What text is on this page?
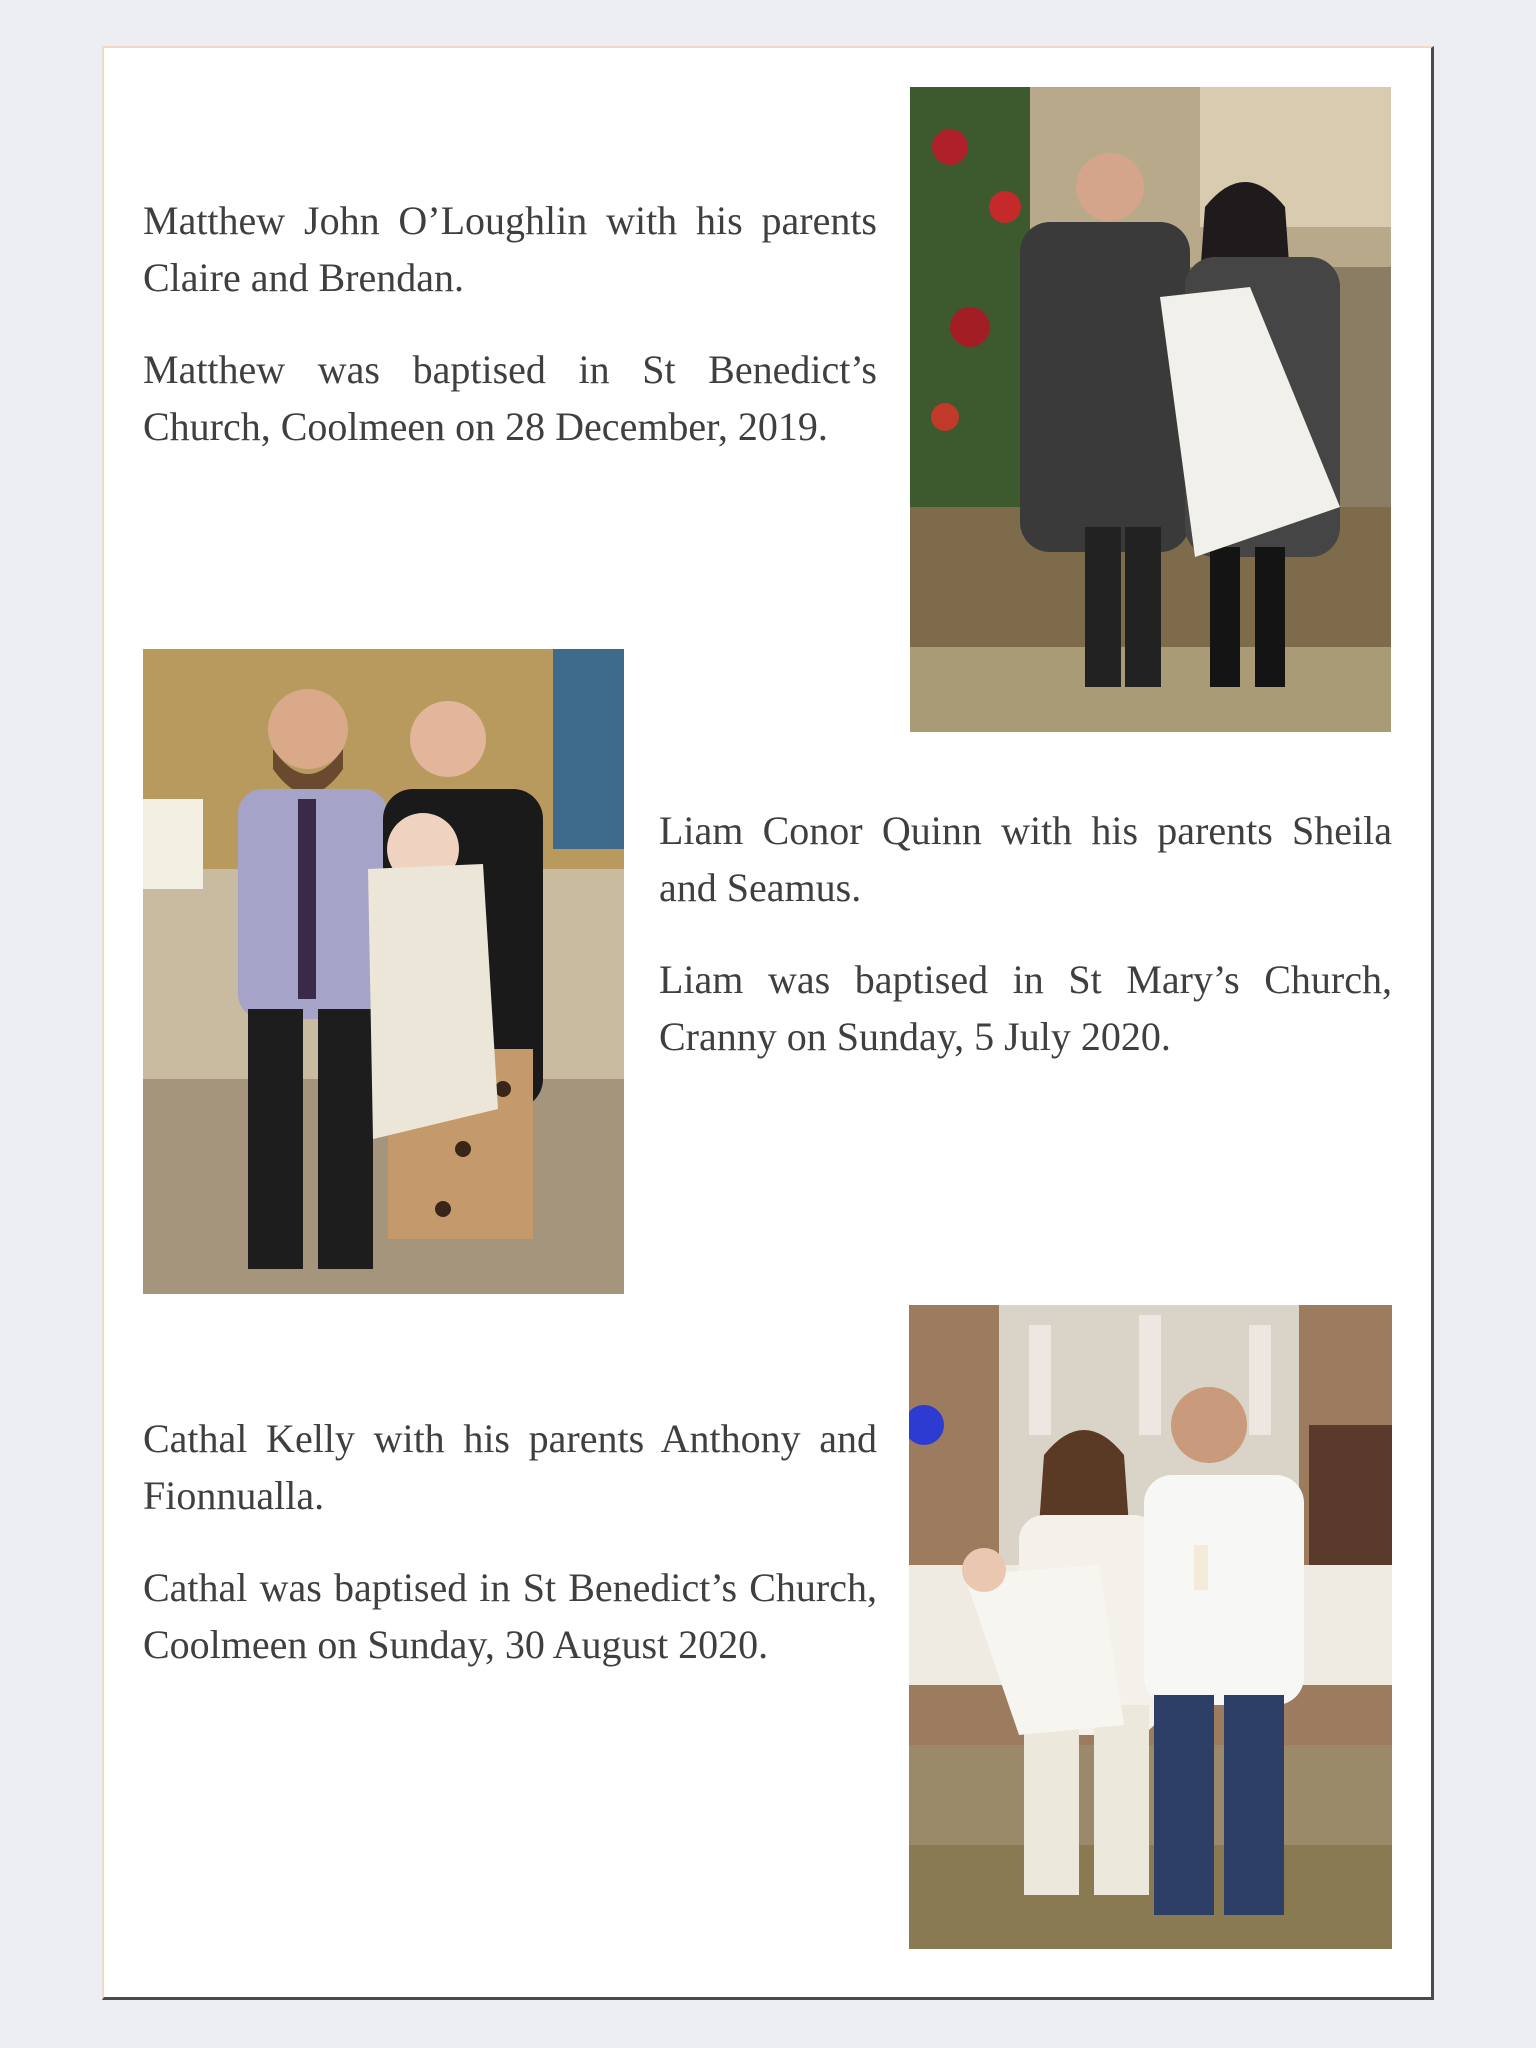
Matthew John O’Loughlin with his parents Claire and Brendan.

Matthew was baptised in St Benedict’s Church, Coolmeen on 28 December, 2019.

Liam Conor Quinn with his parents Sheila and Seamus.

Liam was baptised in St Mary’s Church, Cranny on Sunday, 5 July 2020.

Cathal Kelly with his parents Anthony and Fionnualla.

Cathal was baptised in St Benedict’s Church, Coolmeen on Sunday, 30 August 2020.
